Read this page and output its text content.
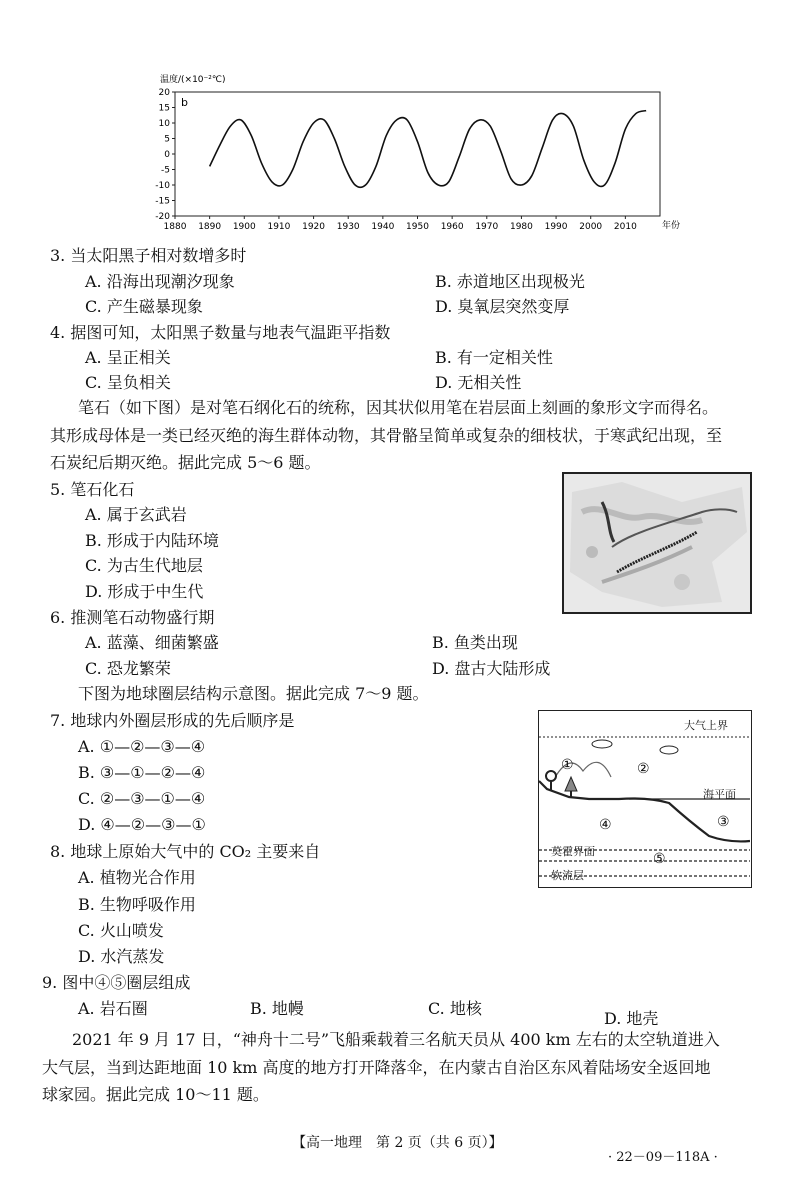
20
15
10
5
0
-5
-10
-15
-20
1880 1890 1900 1910 1920 1930 1940 1950 1960 1970 1980 1990 2000 2010
温度/(×10⁻²℃)
b
年份
3. 当太阳黑子相对数增多时
A. 沿海出现潮汐现象	B. 赤道地区出现极光
C. 产生磁暴现象	D. 臭氧层突然变厚
4. 据图可知，太阳黑子数量与地表气温距平指数
A. 呈正相关	B. 有一定相关性
C. 呈负相关	D. 无相关性
笔石（如下图）是对笔石纲化石的统称，因其状似用笔在岩层面上刻画的象形文字而得名。
其形成母体是一类已经灭绝的海生群体动物，其骨骼呈简单或复杂的细枝状，于寒武纪出现，至
石炭纪后期灭绝。据此完成 5～6 题。
5. 笔石化石
A. 属于玄武岩
B. 形成于内陆环境
C. 为古生代地层
D. 形成于中生代
6. 推测笔石动物盛行期
A. 蓝藻、细菌繁盛	B. 鱼类出现
C. 恐龙繁荣	D. 盘古大陆形成
下图为地球圈层结构示意图。据此完成 7～9 题。
7. 地球内外圈层形成的先后顺序是
A. ①—②—③—④
B. ③—①—②—④
C. ②—③—①—④
D. ④—②—③—①
8. 地球上原始大气中的 CO₂ 主要来自
A. 植物光合作用
B. 生物呼吸作用
C. 火山喷发
D. 水汽蒸发
大气上界
海平面
莫霍界面
软流层
①	②
③
④
⑤
9. 图中④⑤圈层组成
A. 岩石圈	B. 地幔	C. 地核
D. 地壳
2021 年 9 月 17 日，“神舟十二号”飞船乘载着三名航天员从 400 km 左右的太空轨道进入
大气层，当到达距地面 10 km 高度的地方打开降落伞，在内蒙古自治区东风着陆场安全返回地
球家园。据此完成 10～11 题。
【高一地理　第 2 页（共 6 页）】
· 22－09－118A ·
